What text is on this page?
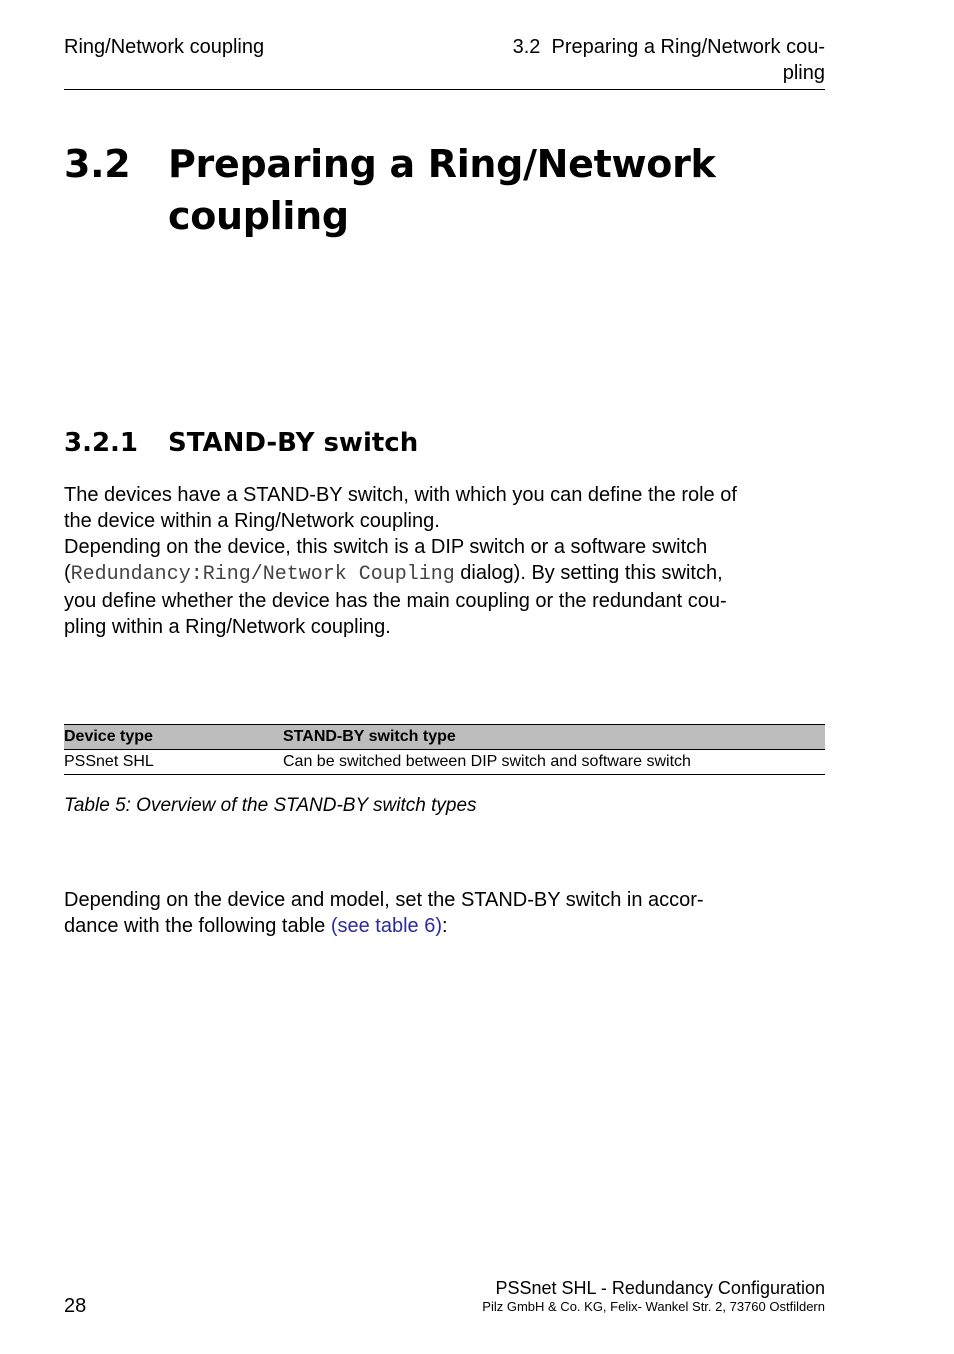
Ring/Network coupling	3.2  Preparing a Ring/Network cou-
pling
3.2 Preparing a Ring/Network
coupling
3.2.1 STAND-BY switch
The devices have a STAND-BY switch, with which you can define the role of
the device within a Ring/Network coupling.
Depending on the device, this switch is a DIP switch or a software switch
(Redundancy:Ring/Network Coupling dialog). By setting this switch,
you define whether the device has the main coupling or the redundant cou-
pling within a Ring/Network coupling.
Device type	STAND-BY switch type
PSSnet SHL	Can be switched between DIP switch and software switch
Table 5: Overview of the STAND-BY switch types
Depending on the device and model, set the STAND-BY switch in accor-
dance with the following table (see table 6):
28
PSSnet SHL - Redundancy Configuration
Pilz GmbH & Co. KG, Felix- Wankel Str. 2, 73760 Ostfildern
